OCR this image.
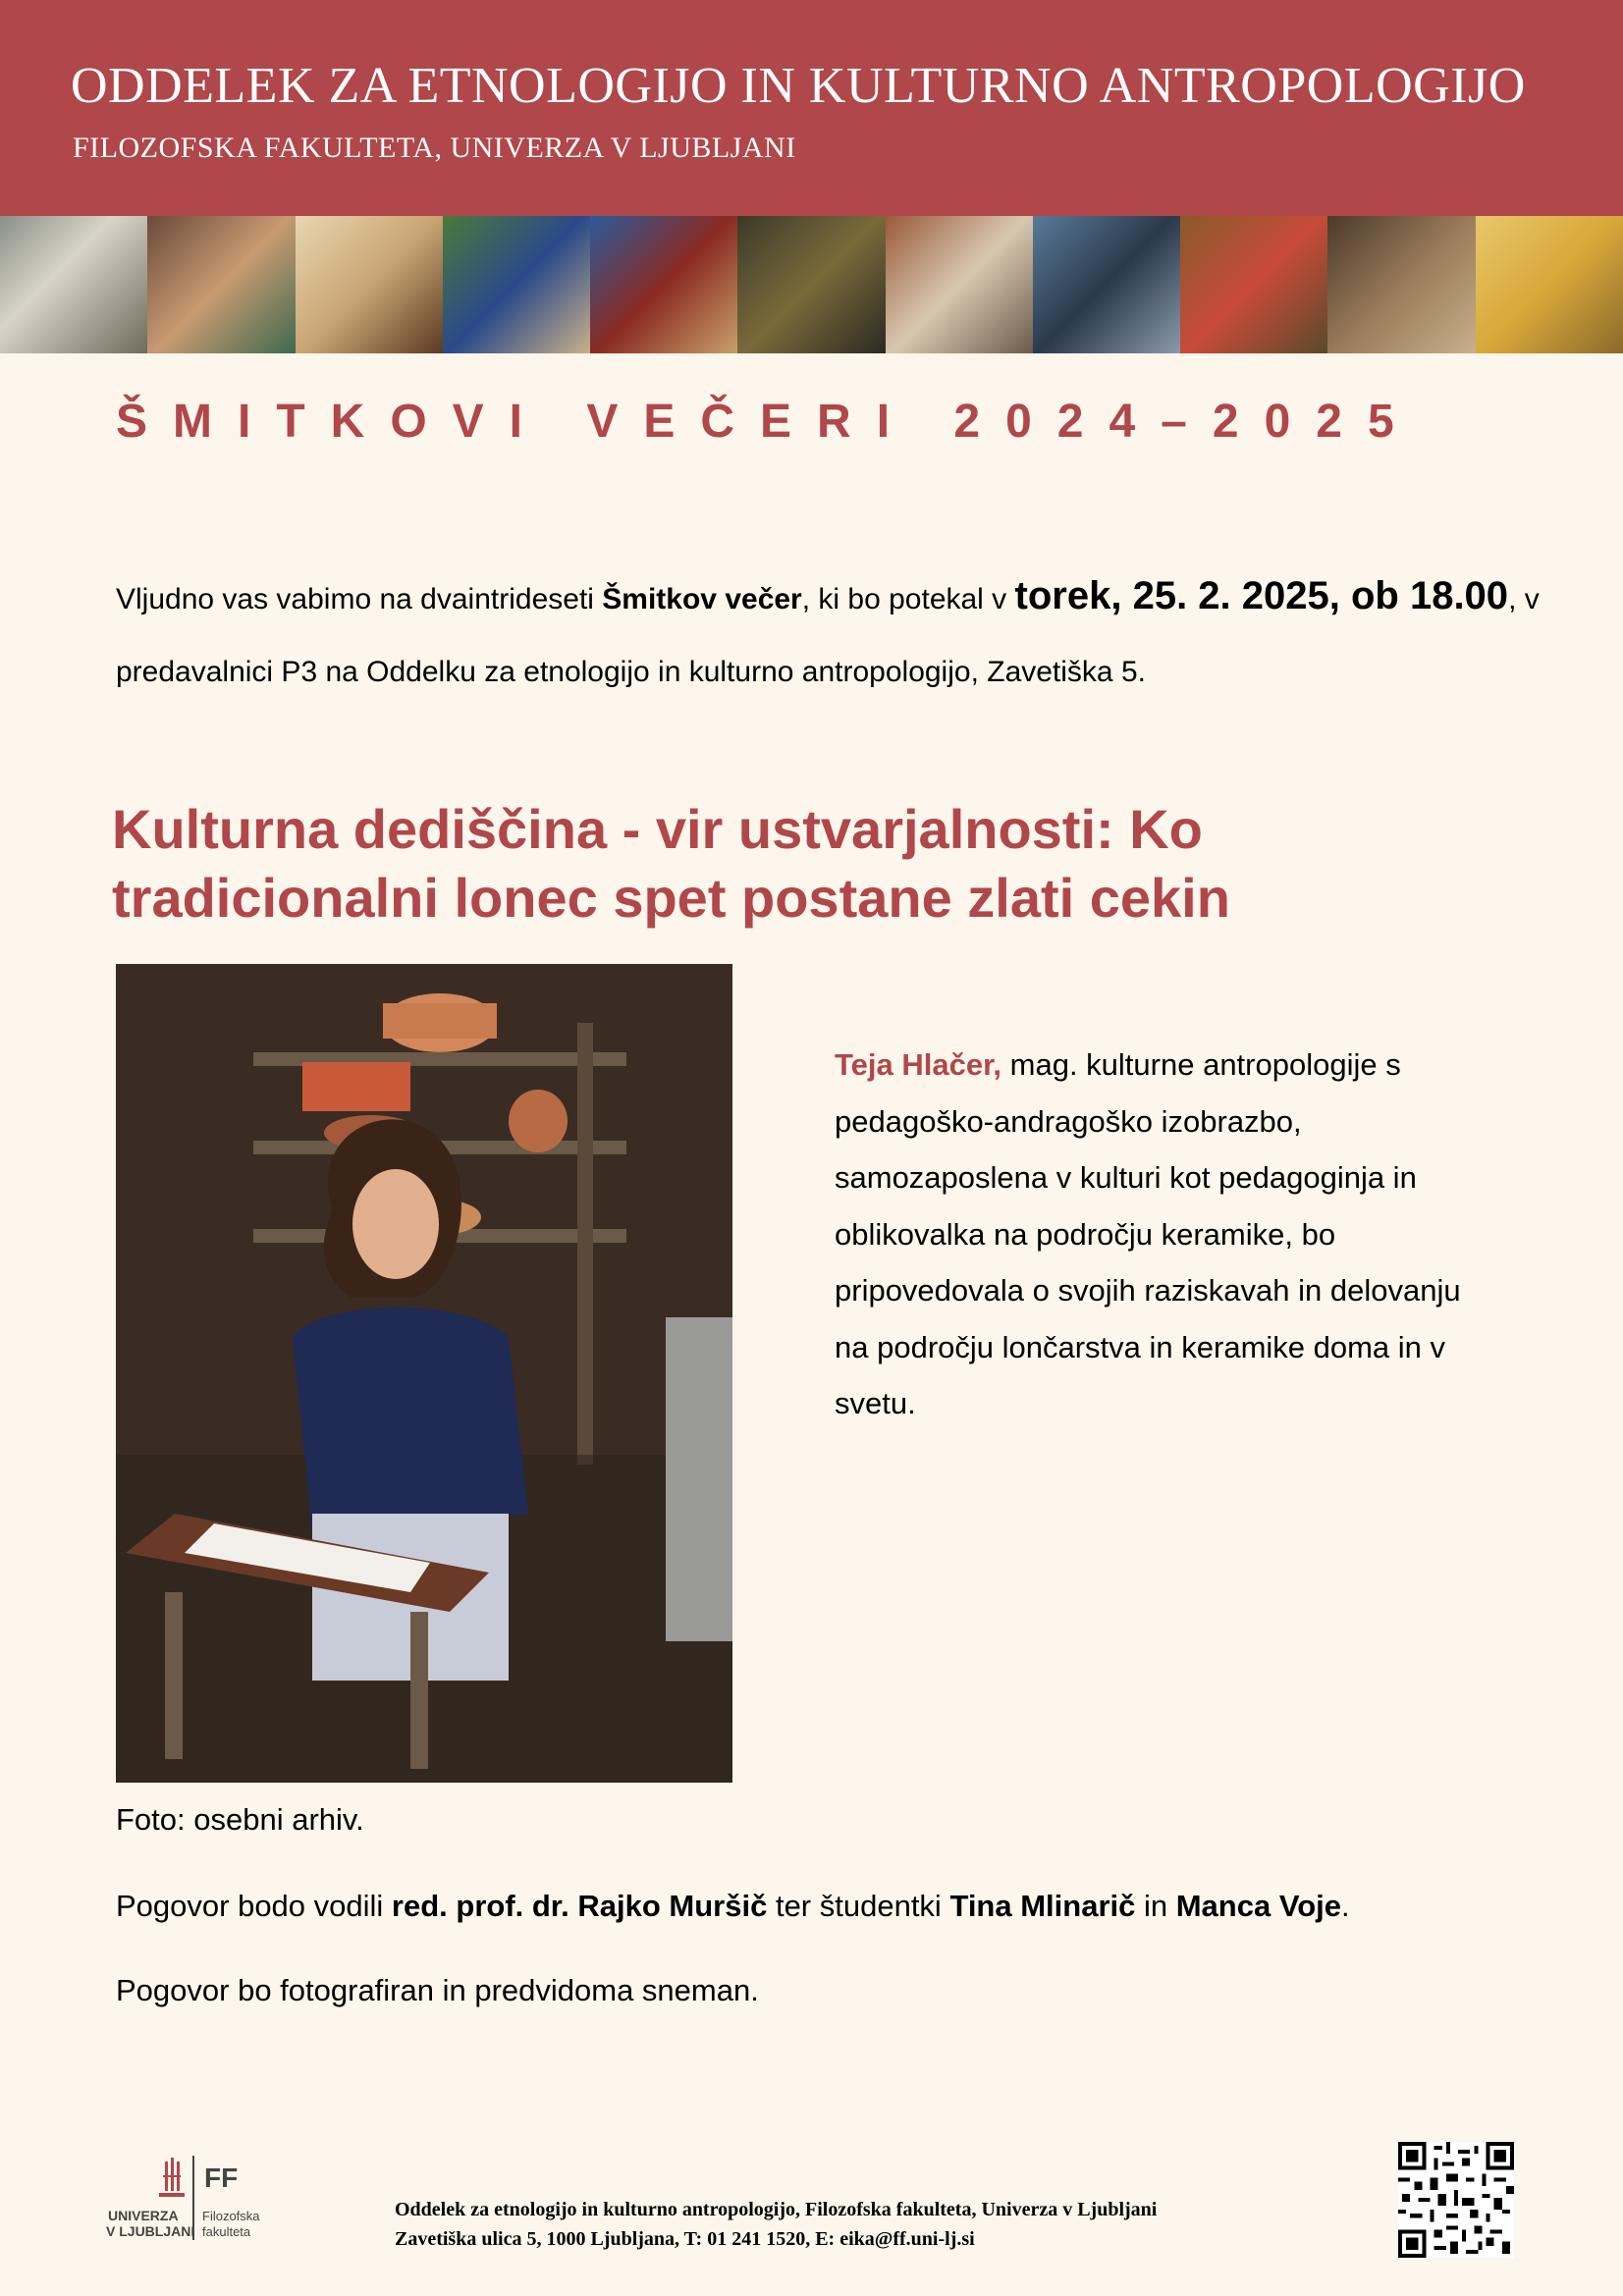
ODDELEK ZA ETNOLOGIJO IN KULTURNO ANTROPOLOGIJO

FILOZOFSKA FAKULTETA, UNIVERZA V LJUBLJANI

ŠMITKOVI VEČERI 2024–2025

Vljudno vas vabimo na dvaintrideseti Šmitkov večer, ki bo potekal v torek, 25. 2. 2025, ob 18.00, v predavalnici P3 na Oddelku za etnologijo in kulturno antropologijo, Zavetiška 5.

Kulturna dediščina - vir ustvarjalnosti: Ko tradicionalni lonec spet postane zlati cekin

Teja Hlačer, mag. kulturne antropologije s pedagoško-andragoško izobrazbo, samozaposlena v kulturi kot pedagoginja in oblikovalka na področju keramike, bo pripovedovala o svojih raziskavah in delovanju na področju lončarstva in keramike doma in v svetu.

Foto: osebni arhiv.

Pogovor bodo vodili red. prof. dr. Rajko Muršič ter študentki Tina Mlinarič in Manca Voje.

Pogovor bo fotografiran in predvidoma sneman.

FF
UNIVERZA
V LJUBLJANI
Filozofska
fakulteta
Oddelek za etnologijo in kulturno antropologijo, Filozofska fakulteta, Univerza v Ljubljani
Zavetiška ulica 5, 1000 Ljubljana, T: 01 241 1520, E: eika@ff.uni-lj.si
